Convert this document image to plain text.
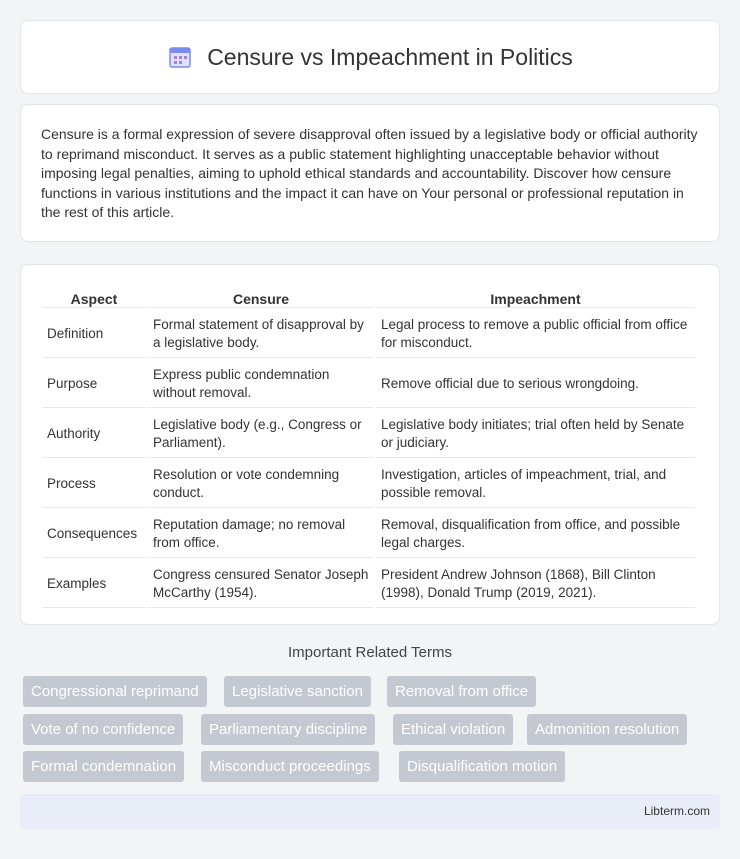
Censure vs Impeachment in Politics

Censure is a formal expression of severe disapproval often issued by a legislative body or official authority to reprimand misconduct. It serves as a public statement highlighting unacceptable behavior without imposing legal penalties, aiming to uphold ethical standards and accountability. Discover how censure functions in various institutions and the impact it can have on Your personal or professional reputation in the rest of this article.

Aspect	Censure	Impeachment
Definition	Formal statement of disapproval by a legislative body.	Legal process to remove a public official from office for misconduct.
Purpose	Express public condemnation without removal.	Remove official due to serious wrongdoing.
Authority	Legislative body (e.g., Congress or Parliament).	Legislative body initiates; trial often held by Senate or judiciary.
Process	Resolution or vote condemning conduct.	Investigation, articles of impeachment, trial, and possible removal.
Consequences	Reputation damage; no removal from office.	Removal, disqualification from office, and possible legal charges.
Examples	Congress censured Senator Joseph McCarthy (1954).	President Andrew Johnson (1868), Bill Clinton (1998), Donald Trump (2019, 2021).
Important Related Terms
Congressional reprimand	Legislative sanction	Removal from office
Vote of no confidence	Parliamentary discipline	Ethical violation	Admonition resolution
Formal condemnation	Misconduct proceedings	Disqualification motion
Libterm.com
